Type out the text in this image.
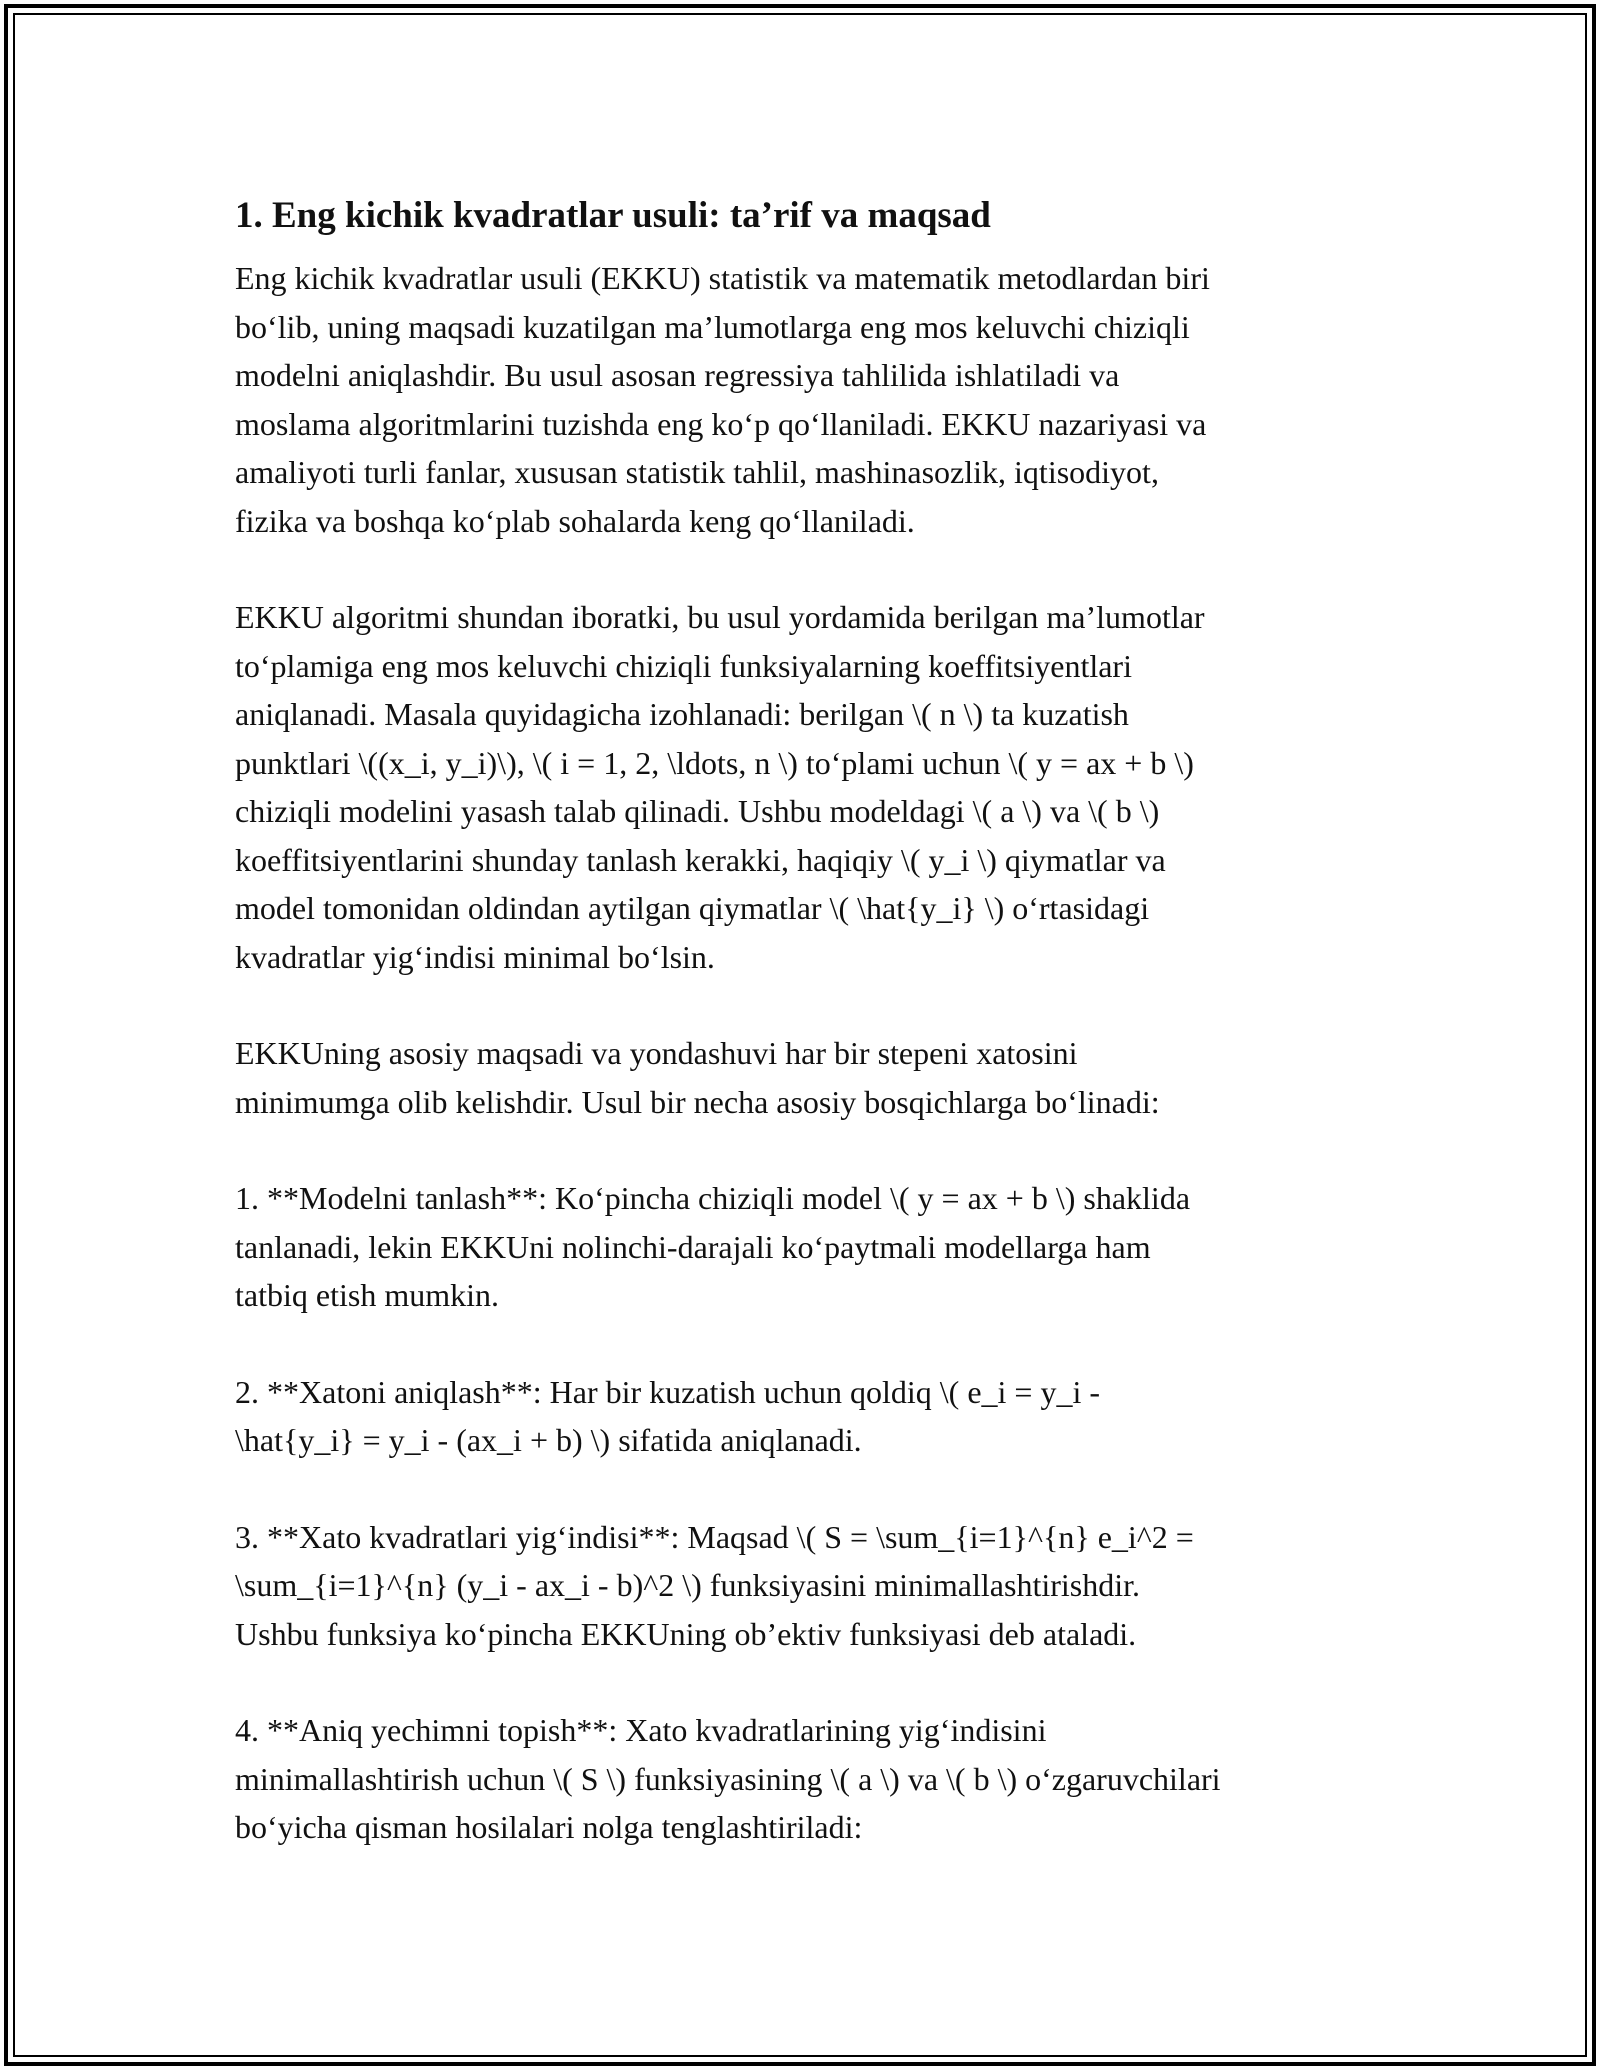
1. Eng kichik kvadratlar usuli: ta’rif va maqsad

Eng kichik kvadratlar usuli (EKKU) statistik va matematik metodlardan biri
bo‘lib, uning maqsadi kuzatilgan ma’lumotlarga eng mos keluvchi chiziqli
modelni aniqlashdir. Bu usul asosan regressiya tahlilida ishlatiladi va
moslama algoritmlarini tuzishda eng ko‘p qo‘llaniladi. EKKU nazariyasi va
amaliyoti turli fanlar, xususan statistik tahlil, mashinasozlik, iqtisodiyot,
fizika va boshqa ko‘plab sohalarda keng qo‘llaniladi.

EKKU algoritmi shundan iboratki, bu usul yordamida berilgan ma’lumotlar
to‘plamiga eng mos keluvchi chiziqli funksiyalarning koeffitsiyentlari
aniqlanadi. Masala quyidagicha izohlanadi: berilgan \( n \) ta kuzatish
punktlari \((x_i, y_i)\), \( i = 1, 2, \ldots, n \) to‘plami uchun \( y = ax + b \)
chiziqli modelini yasash talab qilinadi. Ushbu modeldagi \( a \) va \( b \)
koeffitsiyentlarini shunday tanlash kerakki, haqiqiy \( y_i \) qiymatlar va
model tomonidan oldindan aytilgan qiymatlar \( \hat{y_i} \) o‘rtasidagi
kvadratlar yig‘indisi minimal bo‘lsin.

EKKUning asosiy maqsadi va yondashuvi har bir stepeni xatosini
minimumga olib kelishdir. Usul bir necha asosiy bosqichlarga bo‘linadi:

1. **Modelni tanlash**: Ko‘pincha chiziqli model \( y = ax + b \) shaklida
tanlanadi, lekin EKKUni nolinchi-darajali ko‘paytmali modellarga ham
tatbiq etish mumkin.

2. **Xatoni aniqlash**: Har bir kuzatish uchun qoldiq \( e_i = y_i -
\hat{y_i} = y_i - (ax_i + b) \) sifatida aniqlanadi.

3. **Xato kvadratlari yig‘indisi**: Maqsad \( S = \sum_{i=1}^{n} e_i^2 =
\sum_{i=1}^{n} (y_i - ax_i - b)^2 \) funksiyasini minimallashtirishdir.
Ushbu funksiya ko‘pincha EKKUning ob’ektiv funksiyasi deb ataladi.

4. **Aniq yechimni topish**: Xato kvadratlarining yig‘indisini
minimallashtirish uchun \( S \) funksiyasining \( a \) va \( b \) o‘zgaruvchilari
bo‘yicha qisman hosilalari nolga tenglashtiriladi:
